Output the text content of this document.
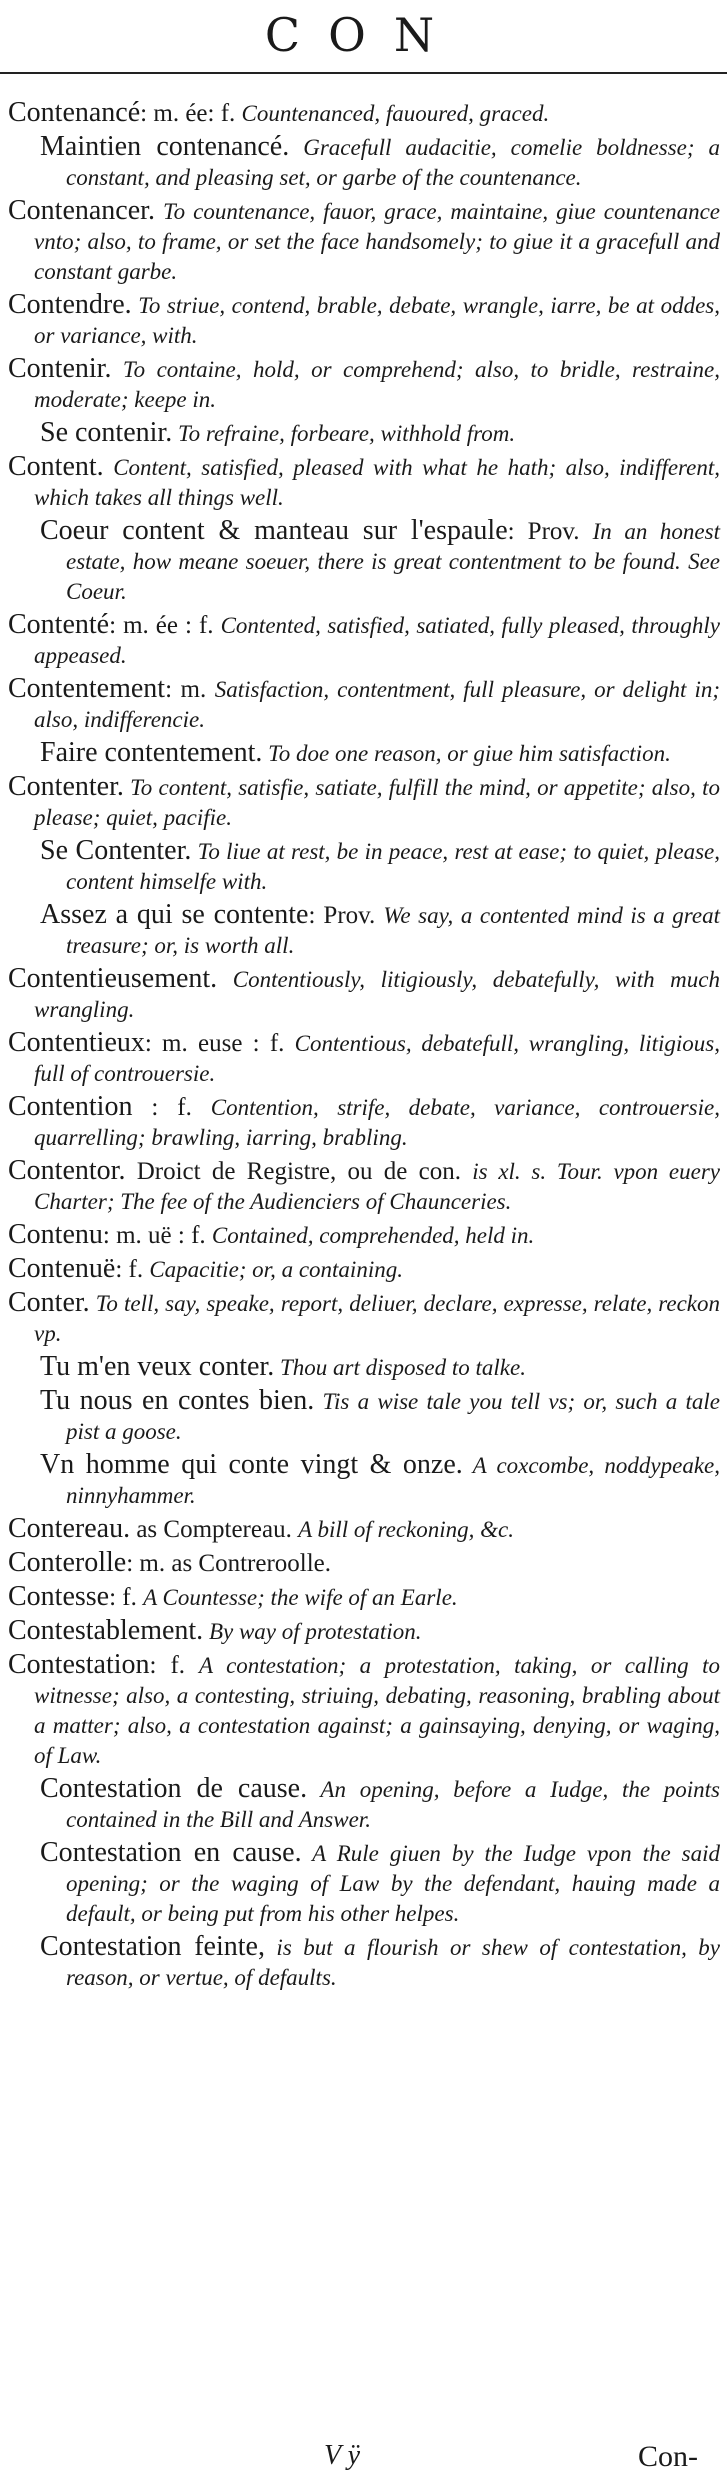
CON

Contenancé: m. ée: f. Countenanced, fauoured, graced.

Maintien contenancé. Gracefull audacitie, comelie boldnesse; a constant, and pleasing set, or garbe of the countenance.

Contenancer. To countenance, fauor, grace, maintaine, giue countenance vnto; also, to frame, or set the face handsomely; to giue it a gracefull and constant garbe.

Contendre. To striue, contend, brable, debate, wrangle, iarre, be at oddes, or variance, with.

Contenir. To containe, hold, or comprehend; also, to bridle, restraine, moderate; keepe in.

Se contenir. To refraine, forbeare, withhold from.

Content. Content, satisfied, pleased with what he hath; also, indifferent, which takes all things well.

Coeur content & manteau sur l'espaule: Prov. In an honest estate, how meane soeuer, there is great contentment to be found. See Coeur.

Contenté: m. ée : f. Contented, satisfied, satiated, fully pleased, throughly appeased.

Contentement: m. Satisfaction, contentment, full pleasure, or delight in; also, indifferencie.

Faire contentement. To doe one reason, or giue him satisfaction.

Contenter. To content, satisfie, satiate, fulfill the mind, or appetite; also, to please; quiet, pacifie.

Se Contenter. To liue at rest, be in peace, rest at ease; to quiet, please, content himselfe with.

Assez a qui se contente: Prov. We say, a contented mind is a great treasure; or, is worth all.

Contentieusement. Contentiously, litigiously, debatefully, with much wrangling.

Contentieux: m. euse : f. Contentious, debatefull, wrangling, litigious, full of controuersie.

Contention : f. Contention, strife, debate, variance, controuersie, quarrelling; brawling, iarring, brabling.

Contentor. Droict de Registre, ou de con. is xl. s. Tour. vpon euery Charter; The fee of the Audienciers of Chaunceries.

Contenu: m. uë : f. Contained, comprehended, held in.

Contenuë: f. Capacitie; or, a containing.

Conter. To tell, say, speake, report, deliuer, declare, expresse, relate, reckon vp.

Tu m'en veux conter. Thou art disposed to talke.

Tu nous en contes bien. Tis a wise tale you tell vs; or, such a tale pist a goose.

Vn homme qui conte vingt & onze. A coxcombe, noddypeake, ninnyhammer.

Contereau. as Comptereau. A bill of reckoning, &c.

Conterolle: m. as Contreroolle.

Contesse: f. A Countesse; the wife of an Earle.

Contestablement. By way of protestation.

Contestation: f. A contestation; a protestation, taking, or calling to witnesse; also, a contesting, striuing, debating, reasoning, brabling about a matter; also, a contestation against; a gainsaying, denying, or waging, of Law.

Contestation de cause. An opening, before a Iudge, the points contained in the Bill and Answer.

Contestation en cause. A Rule giuen by the Iudge vpon the said opening; or the waging of Law by the defendant, hauing made a default, or being put from his other helpes.

Contestation feinte, is but a flourish or shew of contestation, by reason, or vertue, of defaults.

V ÿ	Con-
